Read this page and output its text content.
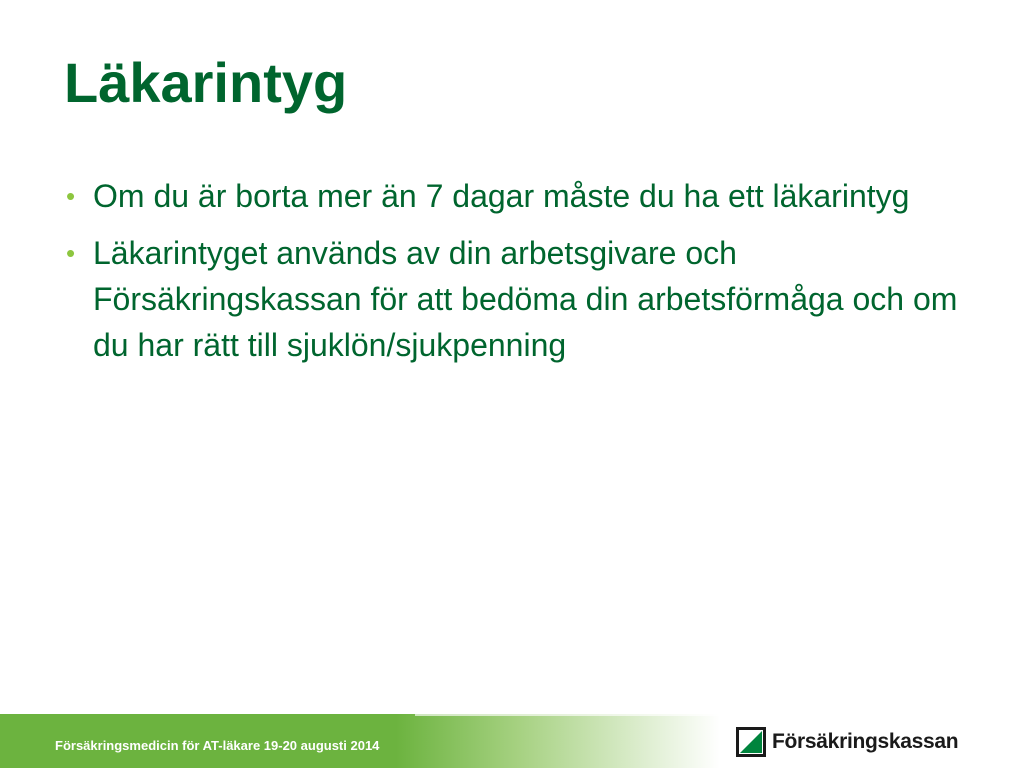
Läkarintyg
• Om du är borta mer än 7 dagar måste du ha ett läkarintyg
• Läkarintyget används av din arbetsgivare och Försäkringskassan för att bedöma din arbetsförmåga och om du har rätt till sjuklön/sjukpenning
Försäkringsmedicin för AT-läkare 19-20 augusti 2014	Försäkringskassan
